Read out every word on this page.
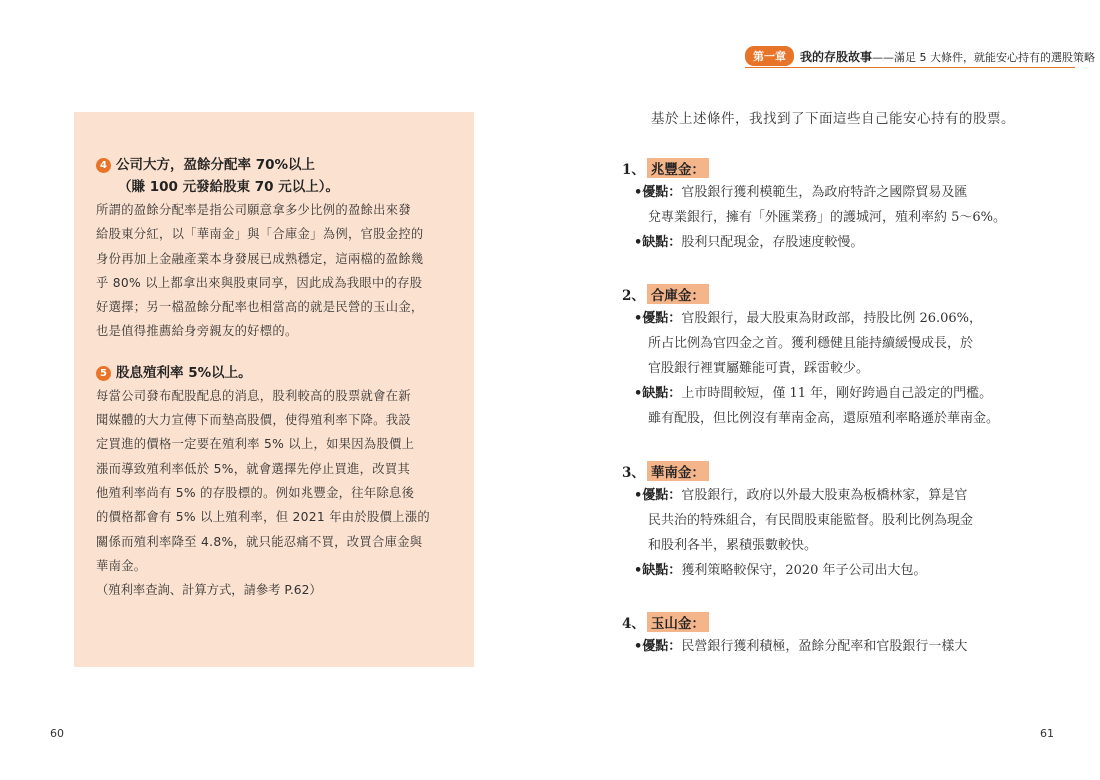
4 公司大方，盈餘分配率 70%以上
（賺 100 元發給股東 70 元以上）。
所謂的盈餘分配率是指公司願意拿多少比例的盈餘出來發
給股東分紅，以「華南金」與「合庫金」為例，官股金控的
身份再加上金融產業本身發展已成熟穩定，這兩檔的盈餘幾
乎 80% 以上都拿出來與股東同享，因此成為我眼中的存股
好選擇；另一檔盈餘分配率也相當高的就是民營的玉山金，
也是值得推薦給身旁親友的好標的。
5 股息殖利率 5%以上。
每當公司發布配股配息的消息，股利較高的股票就會在新
聞媒體的大力宣傳下而墊高股價，使得殖利率下降。我設
定買進的價格一定要在殖利率 5% 以上，如果因為股價上
漲而導致殖利率低於 5%，就會選擇先停止買進，改買其
他殖利率尚有 5% 的存股標的。例如兆豐金，往年除息後
的價格都會有 5% 以上殖利率，但 2021 年由於股價上漲的
關係而殖利率降至 4.8%，就只能忍痛不買，改買合庫金與
華南金。
（殖利率查詢、計算方式，請參考 P.62）
60
第一章	我的存股故事——滿足 5 大條件，就能安心持有的選股策略
基於上述條件，我找到了下面這些自己能安心持有的股票。
1、 兆豐金：
•優點：官股銀行獲利模範生，為政府特許之國際貿易及匯
兌專業銀行，擁有「外匯業務」的護城河，殖利率約 5～6%。
•缺點：股利只配現金，存股速度較慢。
2、 合庫金：
•優點：官股銀行，最大股東為財政部，持股比例 26.06%，
所占比例為官四金之首。獲利穩健且能持續緩慢成長，於
官股銀行裡實屬難能可貴，踩雷較少。
•缺點：上市時間較短，僅 11 年，剛好跨過自己設定的門檻。
雖有配股，但比例沒有華南金高，還原殖利率略遜於華南金。
3、 華南金：
•優點：官股銀行，政府以外最大股東為板橋林家，算是官
民共治的特殊組合，有民間股東能監督。股利比例為現金
和股利各半，累積張數較快。
•缺點：獲利策略較保守，2020 年子公司出大包。
4、 玉山金：
•優點：民營銀行獲利積極，盈餘分配率和官股銀行一樣大
61
